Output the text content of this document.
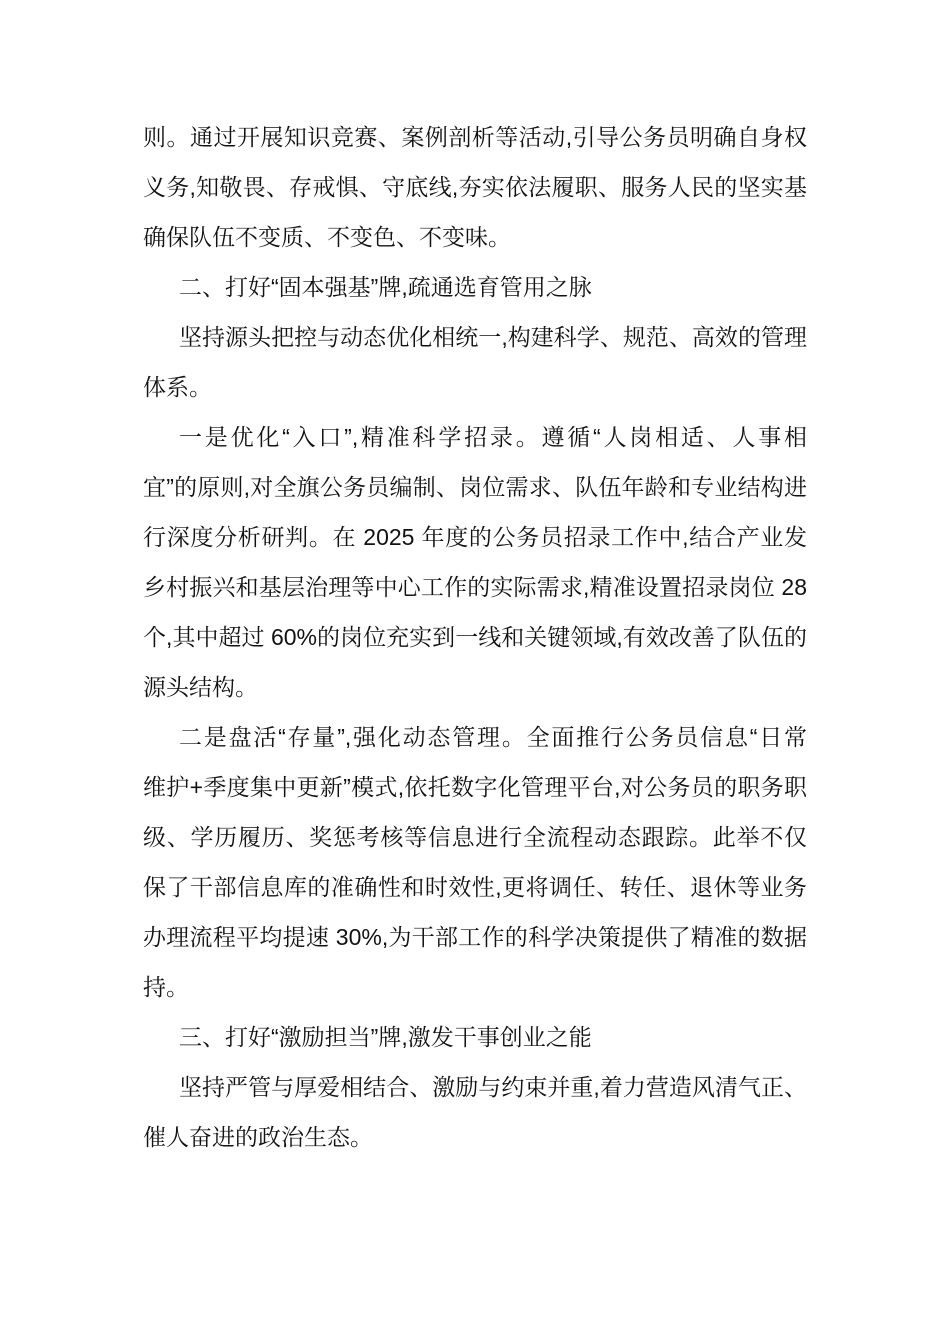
则。通过开展知识竞赛、案例剖析等活动,引导公务员明确自身权
义务,知敬畏、存戒惧、守底线,夯实依法履职、服务人民的坚实基
确保队伍不变质、不变色、不变味。
二、打好“固本强基”牌,疏通选育管用之脉
坚持源头把控与动态优化相统一,构建科学、规范、高效的管理
体系。
一是优化“入口”,精准科学招录。遵循“人岗相适、人事相
宜”的原则,对全旗公务员编制、岗位需求、队伍年龄和专业结构进
行深度分析研判。在 2025 年度的公务员招录工作中,结合产业发
乡村振兴和基层治理等中心工作的实际需求,精准设置招录岗位 28
个,其中超过 60%的岗位充实到一线和关键领域,有效改善了队伍的
源头结构。
二是盘活“存量”,强化动态管理。全面推行公务员信息“日常
维护+季度集中更新”模式,依托数字化管理平台,对公务员的职务职
级、学历履历、奖惩考核等信息进行全流程动态跟踪。此举不仅
保了干部信息库的准确性和时效性,更将调任、转任、退休等业务
办理流程平均提速 30%,为干部工作的科学决策提供了精准的数据
持。
三、打好“激励担当”牌,激发干事创业之能
坚持严管与厚爱相结合、激励与约束并重,着力营造风清气正、
催人奋进的政治生态。
